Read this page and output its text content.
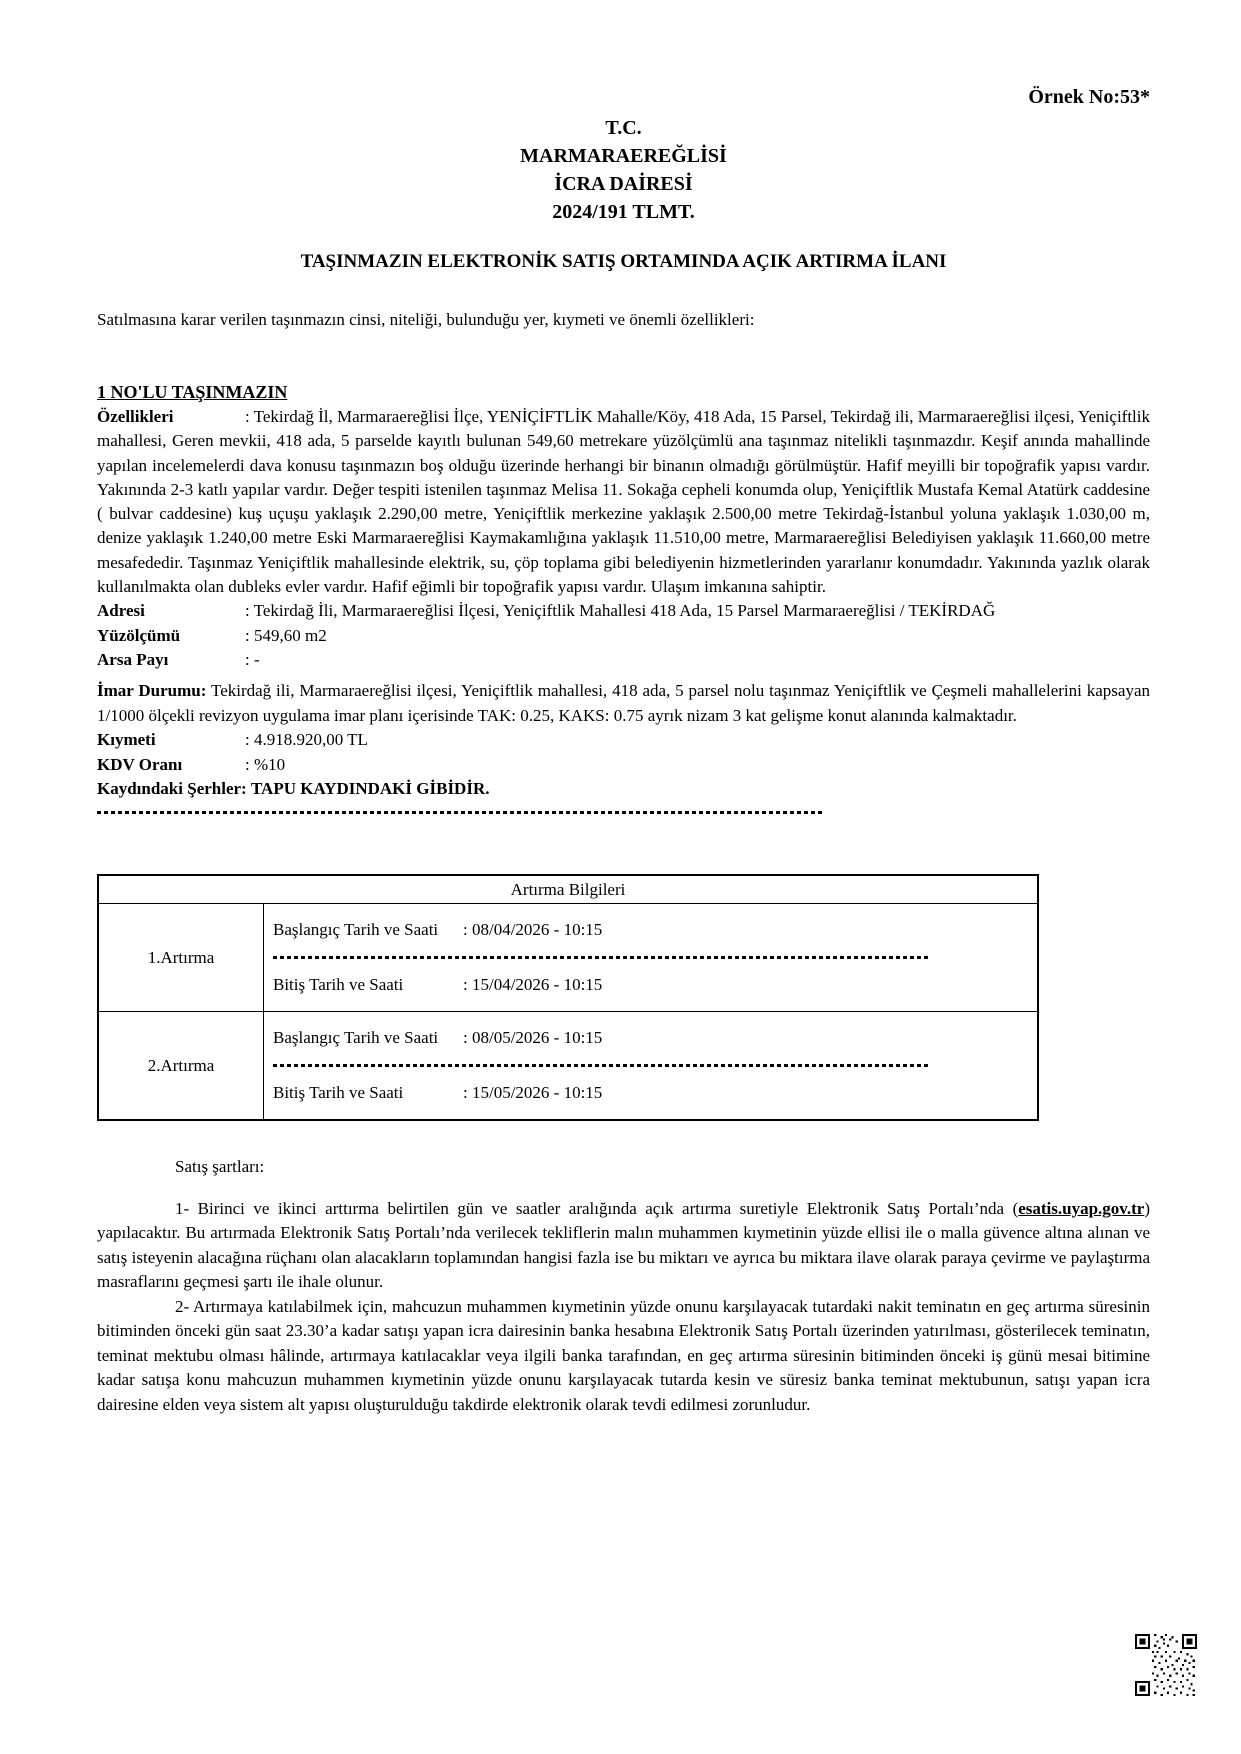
Örnek No:53*
T.C.
MARMARAEREĞLİSİ
İCRA DAİRESİ
2024/191 TLMT.
TAŞINMAZIN ELEKTRONİK SATIŞ ORTAMINDA AÇIK ARTIRMA İLANI

Satılmasına karar verilen taşınmazın cinsi, niteliği, bulunduğu yer, kıymeti ve önemli özellikleri:

1 NO'LU TAŞINMAZIN

Özellikleri	: Tekirdağ İl, Marmaraereğlisi İlçe, YENİÇİFTLİK Mahalle/Köy, 418 Ada, 15 Parsel, Tekirdağ ili, Marmaraereğlisi ilçesi, Yeniçiftlik mahallesi, Geren mevkii, 418 ada, 5 parselde kayıtlı bulunan 549,60 metrekare yüzölçümlü ana taşınmaz nitelikli taşınmazdır. Keşif anında mahallinde yapılan incelemelerdi dava konusu taşınmazın boş olduğu üzerinde herhangi bir binanın olmadığı görülmüştür. Hafif meyilli bir topoğrafik yapısı vardır. Yakınında 2-3 katlı yapılar vardır. Değer tespiti istenilen taşınmaz Melisa 11. Sokağa cepheli konumda olup, Yeniçiftlik Mustafa Kemal Atatürk caddesine ( bulvar caddesine) kuş uçuşu yaklaşık 2.290,00 metre, Yeniçiftlik merkezine yaklaşık 2.500,00 metre Tekirdağ-İstanbul yoluna yaklaşık 1.030,00 m, denize yaklaşık 1.240,00 metre Eski Marmaraereğlisi Kaymakamlığına yaklaşık 11.510,00 metre, Marmaraereğlisi Belediyisen yaklaşık 11.660,00 metre mesafededir. Taşınmaz Yeniçiftlik mahallesinde elektrik, su, çöp toplama gibi belediyenin hizmetlerinden yararlanır konumdadır. Yakınında yazlık olarak kullanılmakta olan dubleks evler vardır. Hafif eğimli bir topoğrafik yapısı vardır. Ulaşım imkanına sahiptir.

Adresi	: Tekirdağ İli, Marmaraereğlisi İlçesi, Yeniçiftlik Mahallesi 418 Ada, 15 Parsel Marmaraereğlisi / TEKİRDAĞ

Yüzölçümü	: 549,60 m2

Arsa Payı	: -

İmar Durumu: Tekirdağ ili, Marmaraereğlisi ilçesi, Yeniçiftlik mahallesi, 418 ada, 5 parsel nolu taşınmaz Yeniçiftlik ve Çeşmeli mahallelerini kapsayan 1/1000 ölçekli revizyon uygulama imar planı içerisinde TAK: 0.25, KAKS: 0.75 ayrık nizam 3 kat gelişme konut alanında kalmaktadır.

Kıymeti	: 4.918.920,00 TL

KDV Oranı	: %10

Kaydındaki Şerhler: TAPU KAYDINDAKİ GİBİDİR.

Artırma Bilgileri
1.Artırma
Başlangıç Tarih ve Saati : 08/04/2026 - 10:15
Bitiş Tarih ve Saati	: 15/04/2026 - 10:15
2.Artırma
Başlangıç Tarih ve Saati : 08/05/2026 - 10:15
Bitiş Tarih ve Saati	: 15/05/2026 - 10:15

Satış şartları:

1- Birinci ve ikinci arttırma belirtilen gün ve saatler aralığında açık artırma suretiyle Elektronik Satış Portalı’nda (esatis.uyap.gov.tr) yapılacaktır. Bu artırmada Elektronik Satış Portalı’nda verilecek tekliflerin malın muhammen kıymetinin yüzde ellisi ile o malla güvence altına alınan ve satış isteyenin alacağına rüçhanı olan alacakların toplamından hangisi fazla ise bu miktarı ve ayrıca bu miktara ilave olarak paraya çevirme ve paylaştırma masraflarını geçmesi şartı ile ihale olunur.

2- Artırmaya katılabilmek için, mahcuzun muhammen kıymetinin yüzde onunu karşılayacak tutardaki nakit teminatın en geç artırma süresinin bitiminden önceki gün saat 23.30’a kadar satışı yapan icra dairesinin banka hesabına Elektronik Satış Portalı üzerinden yatırılması, gösterilecek teminatın, teminat mektubu olması hâlinde, artırmaya katılacaklar veya ilgili banka tarafından, en geç artırma süresinin bitiminden önceki iş günü mesai bitimine kadar satışa konu mahcuzun muhammen kıymetinin yüzde onunu karşılayacak tutarda kesin ve süresiz banka teminat mektubunun, satışı yapan icra dairesine elden veya sistem alt yapısı oluşturulduğu takdirde elektronik olarak tevdi edilmesi zorunludur.
